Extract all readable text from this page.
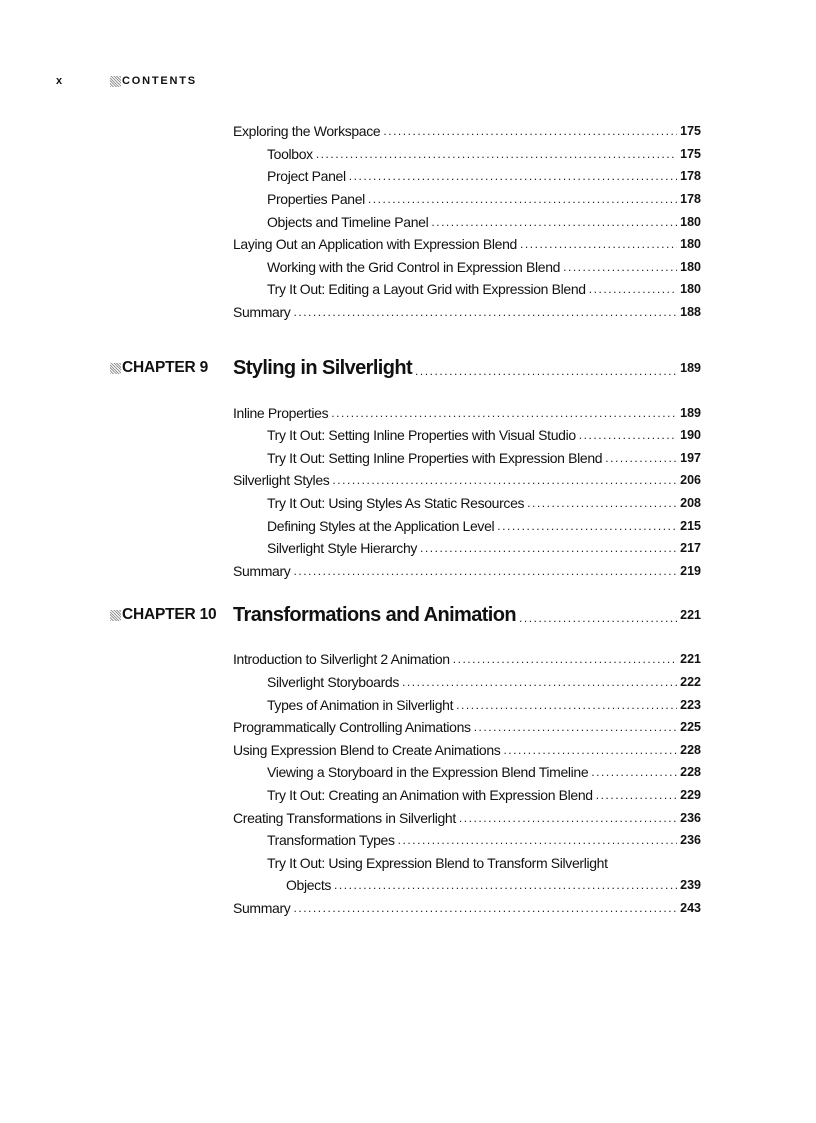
x	CONTENTS
Exploring the Workspace . . .	175
Toolbox . . .	175
Project Panel . . .	178
Properties Panel . . .	178
Objects and Timeline Panel . . .	180
Laying Out an Application with Expression Blend . . .	180
Working with the Grid Control in Expression Blend . . .	180
Try It Out: Editing a Layout Grid with Expression Blend . . .	180
Summary . . .	188
CHAPTER 9 Styling in Silverlight . . .	189
Inline Properties . . .	189
Try It Out: Setting Inline Properties with Visual Studio . . .	190
Try It Out: Setting Inline Properties with Expression Blend . . .	197
Silverlight Styles . . .	206
Try It Out: Using Styles As Static Resources . . .	208
Defining Styles at the Application Level . . .	215
Silverlight Style Hierarchy . . .	217
Summary . . .	219
CHAPTER 10 Transformations and Animation . . .	221
Introduction to Silverlight 2 Animation . . .	221
Silverlight Storyboards . . .	222
Types of Animation in Silverlight . . .	223
Programmatically Controlling Animations . . .	225
Using Expression Blend to Create Animations . . .	228
Viewing a Storyboard in the Expression Blend Timeline . . .	228
Try It Out: Creating an Animation with Expression Blend . . .	229
Creating Transformations in Silverlight . . .	236
Transformation Types . . .	236
Try It Out: Using Expression Blend to Transform Silverlight
Objects . . .	239
Summary . . .	243
